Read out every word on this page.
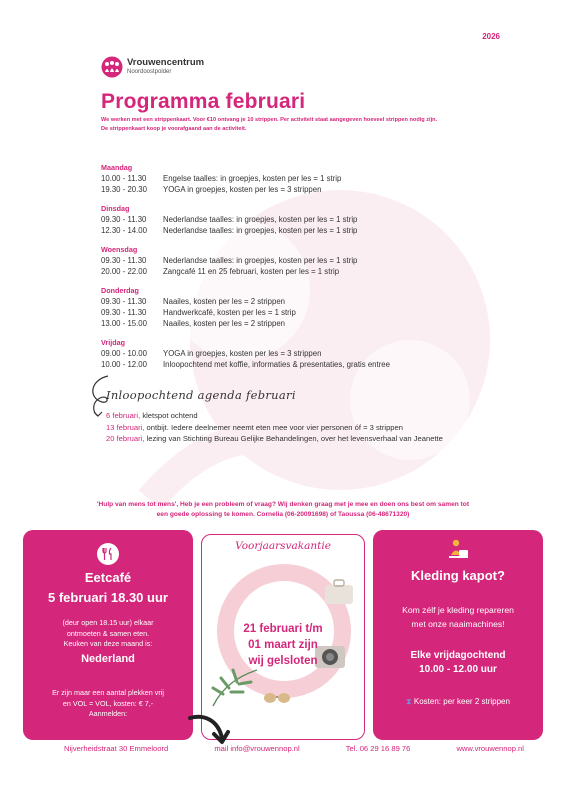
2026
Vrouwencentrum
Noordoostpolder
Programma februari
We werken met een strippenkaart. Voor €10 ontvang je 10 strippen. Per activiteit staat aangegeven hoeveel strippen nodig zijn.
De strippenkaart koop je voorafgaand aan de activiteit.
Maandag
10.00 - 11.30	Engelse taalles: in groepjes, kosten per les = 1 strip
19.30 - 20.30	YOGA in groepjes, kosten per les = 3 strippen
Dinsdag
09.30 - 11.30	Nederlandse taalles: in groepjes, kosten per les = 1 strip
12.30 - 14.00	Nederlandse taalles: in groepjes, kosten per les = 1 strip
Woensdag
09.30 - 11.30	Nederlandse taalles: in groepjes, kosten per les = 1 strip
20.00 - 22.00	Zangcafé 11 en 25 februari, kosten per les = 1 strip
Donderdag
09.30 - 11.30	Naailes, kosten per les = 2 strippen
09.30 - 11.30	Handwerkcafé, kosten per les = 1 strip
13.00 - 15.00	Naailes, kosten per les = 2 strippen
Vrijdag
09.00 - 10.00	YOGA in groepjes, kosten per les = 3 strippen
10.00 - 12.00	Inloopochtend met koffie, informaties & presentaties, gratis entree
Inloopochtend agenda februari
6 februari, kletspot ochtend
13 februari, ontbijt. Iedere deelnemer neemt eten mee voor vier personen óf = 3 strippen
20 februari, lezing van Stichting Bureau Gelijke Behandelingen, over het levensverhaal van Jeanette
'Hulp van mens tot mens', Heb je een probleem of vraag? Wij denken graag met je mee en doen ons best om samen tot
een goede oplossing te komen. Cornelia (06-20091698) of Taoussa (06-48671320)
Eetcafé
5 februari 18.30 uur
(deur open 18.15 uur) elkaar
ontmoeten & samen eten.
Keuken van deze maand is:
Nederland
Er zijn maar een aantal plekken vrij
en VOL = VOL, kosten: € 7,-
Aanmelden:
Voorjaarsvakantie
21 februari t/m
01 maart zijn
wij gelsloten
Kleding kapot?
Kom zélf je kleding repareren
met onze naaimachines!
Elke vrijdagochtend
10.00 - 12.00 uur
⧗ Kosten: per keer 2 strippen
Nijverheidstraat 30 Emmeloord	mail info@vrouwennop.nl	Tel. 06 29 16 89 76	www.vrouwennop.nl
